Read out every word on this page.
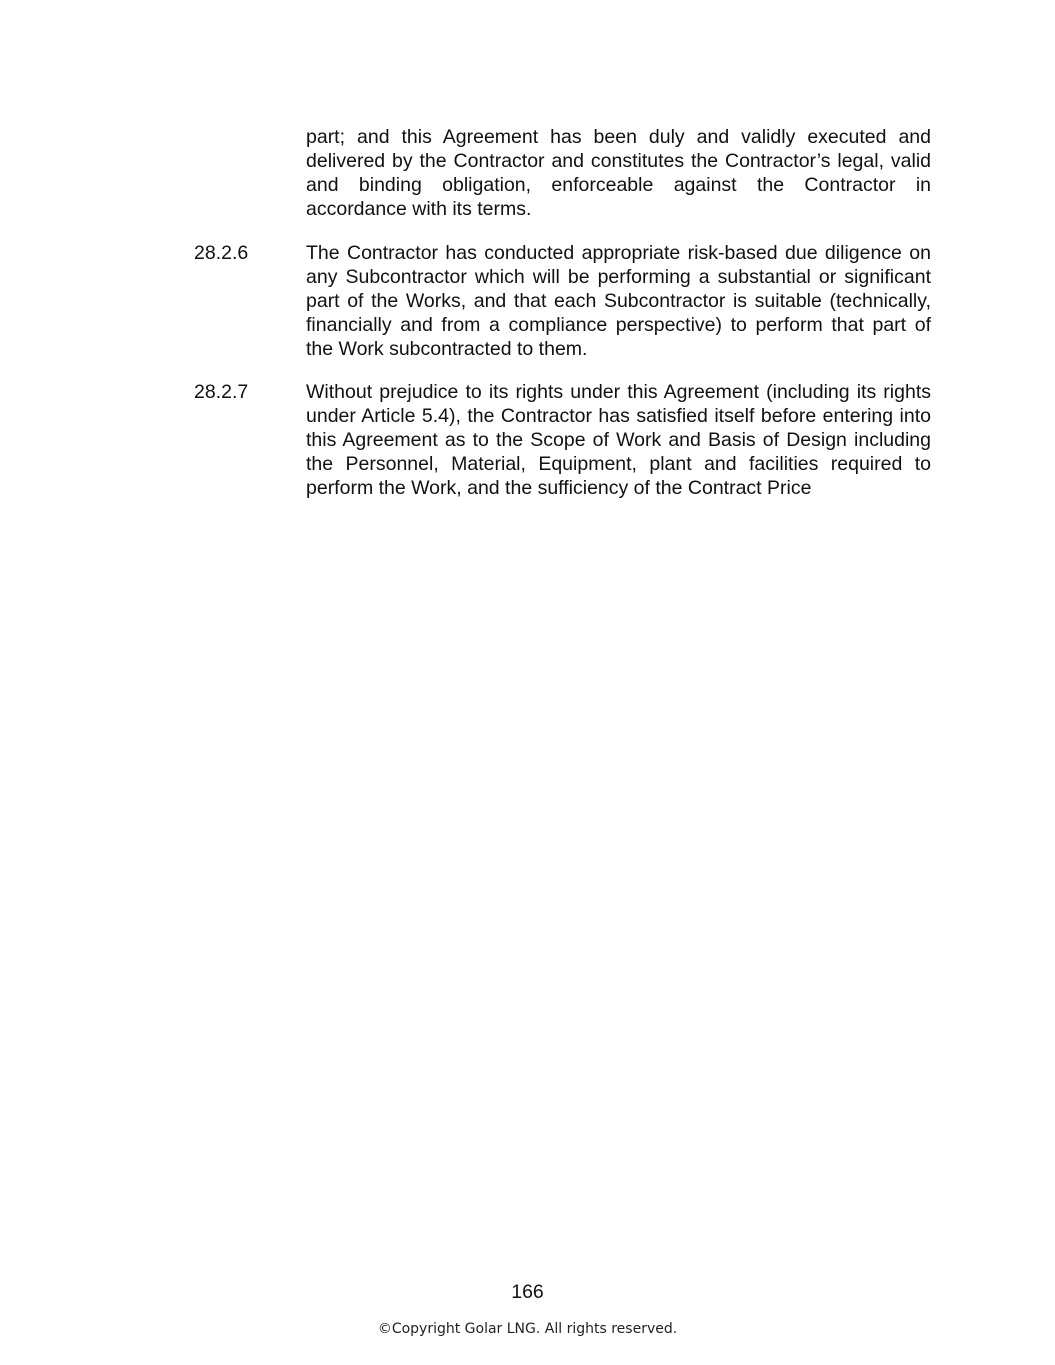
part; and this Agreement has been duly and validly executed and delivered by the Contractor and constitutes the Contractor’s legal, valid and binding obligation, enforceable against the Contractor in accordance with its terms.

28.2.6	The Contractor has conducted appropriate risk-based due diligence on any Subcontractor which will be performing a substantial or significant part of the Works, and that each Subcontractor is suitable (technically, financially and from a compliance perspective) to perform that part of the Work subcontracted to them.

28.2.7	Without prejudice to its rights under this Agreement (including its rights under Article 5.4), the Contractor has satisfied itself before entering into this Agreement as to the Scope of Work and Basis of Design including the Personnel, Material, Equipment, plant and facilities required to perform the Work, and the sufficiency of the Contract Price

166
©Copyright Golar LNG. All rights reserved.
